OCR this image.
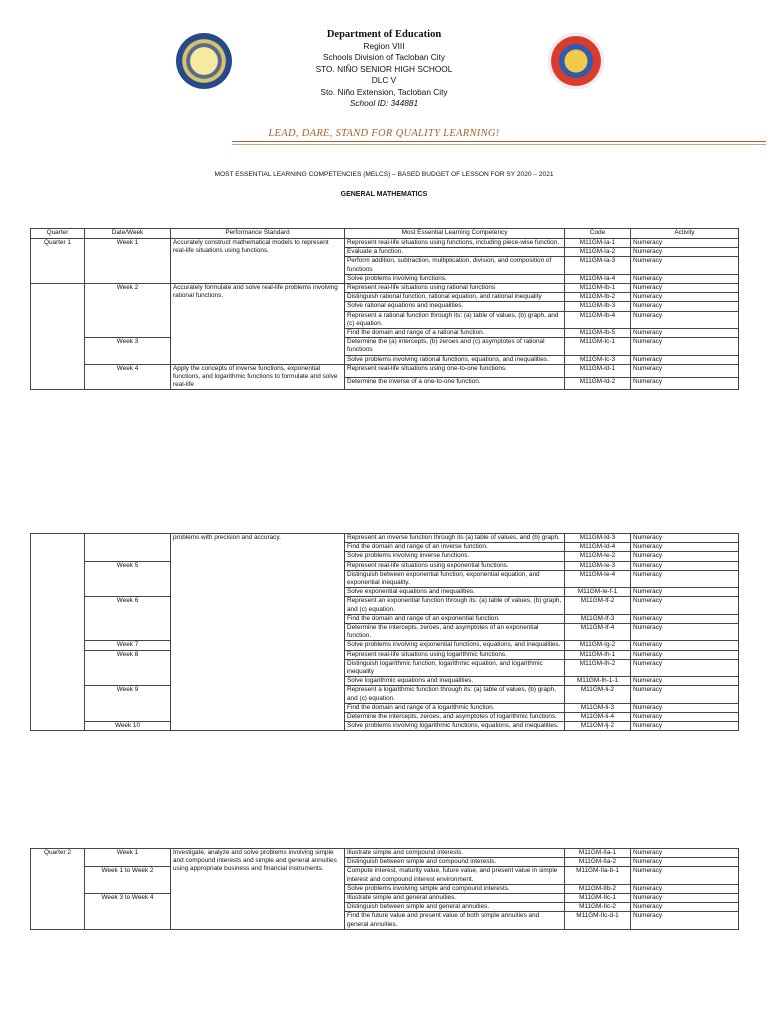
Department of Education
Region VIII
Schools Division of Tacloban City
STO. NIÑO SENIOR HIGH SCHOOL
DLC V
Sto. Niño Extension, Tacloban City
School ID: 344881
LEAD, DARE, STAND FOR QUALITY LEARNING!
MOST ESSENTIAL LEARNING COMPETENCIES (MELCS) – BASED BUDGET OF LESSON FOR SY 2020 – 2021
GENERAL MATHEMATICS
Quarter	Date/Week	Performance Standard	Most Essential Learning Competency	Code	Activity
Quarter 1	Week 1	Accurately construct mathematical models to represent real-life situations using functions.	Represent real-life situations using functions, including piece-wise function.	M11GM-Ia-1	Numeracy
			Evaluate a function.	M11GM-Ia-2	Numeracy
			Perform addition, subtraction, multiplication, division, and composition of functions	M11GM-Ia-3	Numeracy
			Solve problems involving functions.	M11GM-Ia-4	Numeracy
	Week 2	Accurately formulate and solve real-life problems involving rational functions.	Represent real-life situations using rational functions	M11GM-Ib-1	Numeracy
			Distinguish rational function, rational equation, and rational inequality	M11GM-Ib-2	Numeracy
			Solve rational equations and inequalities.	M11GM-Ib-3	Numeracy
			Represent a rational function through its: (a) table of values, (b) graph, and (c) equation.	M11GM-Ib-4	Numeracy
			Find the domain and range of a rational function.	M11GM-Ib-5	Numeracy
	Week 3		Determine the (a) intercepts, (b) zeroes and (c) asymptotes of rational functions	M11GM-Ic-1	Numeracy
			Solve problems involving rational functions, equations, and inequalities.	M11GM-Ic-3	Numeracy
	Week 4	Apply the concepts of inverse functions, exponential functions, and logarithmic functions to formulate and solve real-life	Represent real-life situations using one-to-one functions.	M11GM-Id-1	Numeracy
			Determine the inverse of a one-to-one function.	M11GM-Id-2	Numeracy
		problems with precision and accuracy.	Represent an inverse function through its (a) table of values, and (b) graph.	M11GM-Id-3	Numeracy
			Find the domain and range of an inverse function.	M11GM-Id-4	Numeracy
			Solve problems involving inverse functions.	M11GM-Ie-2	Numeracy
	Week 5		Represent real-life situations using exponential functions.	M11GM-Ie-3	Numeracy
			Distinguish between exponential function, exponential equation, and exponential inequality.	M11GM-Ie-4	Numeracy
			Solve exponential equations and inequalities.	M11GM-Ie-f-1	Numeracy
	Week 6		Represent an exponential function through its: (a) table of values, (b) graph, and (c) equation.	M11GM-If-2	Numeracy
			Find the domain and range of an exponential function.	M11GM-If-3	Numeracy
			Determine the intercepts, zeroes, and asymptotes of an exponential function.	M11GM-If-4	Numeracy
	Week 7		Solve problems involving exponential functions, equations, and inequalities.	M11GM-Ig-2	Numeracy
	Week 8		Represent real-life situations using logarithmic functions.	M11GM-Ih-1	Numeracy
			Distinguish logarithmic function, logarithmic equation, and logarithmic inequality	M11GM-Ih-2	Numeracy
			Solve logarithmic equations and inequalities.	M11GM-Ih-1-1	Numeracy
	Week 9		Represent a logarithmic function through its: (a) table of values, (b) graph, and (c) equation.	M11GM-Ii-2	Numeracy
			Find the domain and range of a logarithmic function.	M11GM-Ii-3	Numeracy
			Determine the intercepts, zeroes, and asymptotes of logarithmic functions.	M11GM-Ii-4	Numeracy
	Week 10		Solve problems involving logarithmic functions, equations, and inequalities.	M11GM-Ij-2	Numeracy
Quarter 2	Week 1	Investigate, analyze and solve problems involving simple and compound interests and simple and general annuities using appropriate business and financial instruments.	Illustrate simple and compound interests.	M11GM-IIa-1	Numeracy
			Distinguish between simple and compound interests.	M11GM-IIa-2	Numeracy
	Week 1 to Week 2		Compute interest, maturity value, future value, and present value in simple interest and compound interest environment.	M11GM-IIa-b-1	Numeracy
			Solve problems involving simple and compound interests.	M11GM-IIb-2	Numeracy
	Week 3 to Week 4		Illustrate simple and general annuities.	M11GM-IIc-1	Numeracy
			Distinguish between simple and general annuities.	M11GM-IIc-2	Numeracy
			Find the future value and present value of both simple annuities and general annuities.	M11GM-IIc-d-1	Numeracy
